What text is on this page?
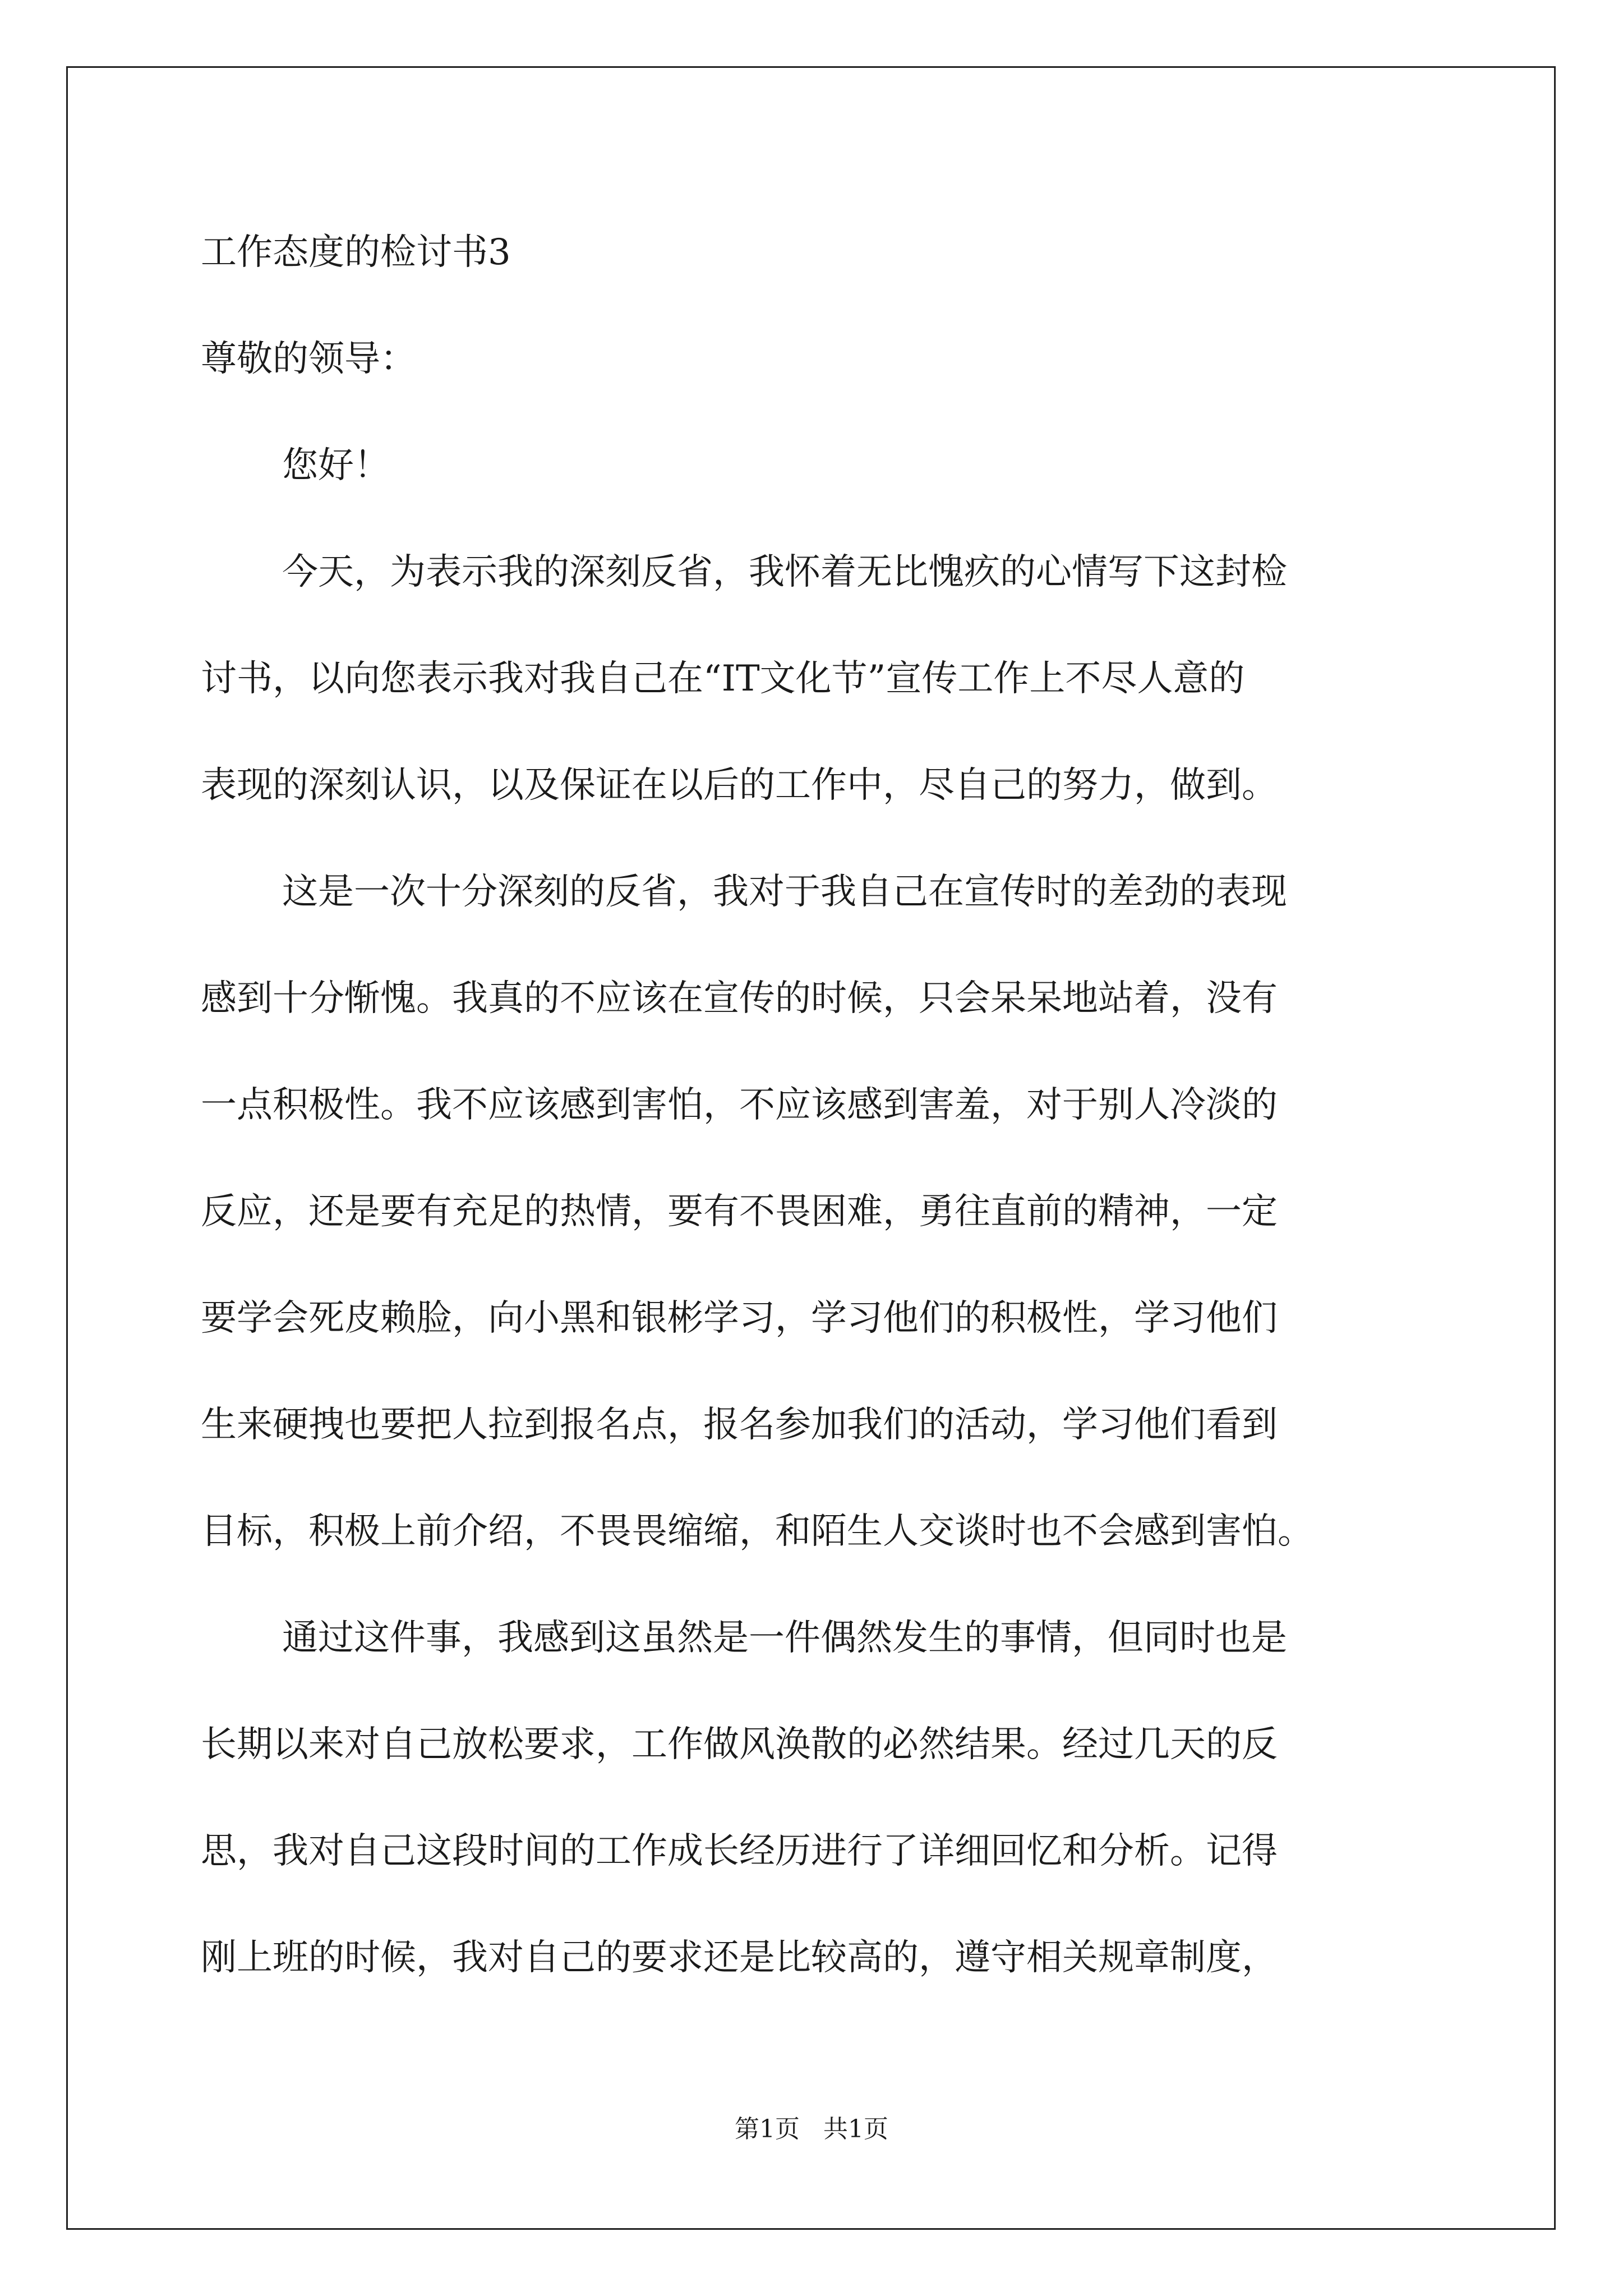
工作态度的检讨书3
尊敬的领导：
您好！
今天，为表示我的深刻反省，我怀着无比愧疚的心情写下这封检
讨书，以向您表示我对我自己在“IT文化节”宣传工作上不尽人意的
表现的深刻认识，以及保证在以后的工作中，尽自己的努力，做到。
这是一次十分深刻的反省，我对于我自己在宣传时的差劲的表现
感到十分惭愧。我真的不应该在宣传的时候，只会呆呆地站着，没有
一点积极性。我不应该感到害怕，不应该感到害羞，对于别人冷淡的
反应，还是要有充足的热情，要有不畏困难，勇往直前的精神，一定
要学会死皮赖脸，向小黑和银彬学习，学习他们的积极性，学习他们
生来硬拽也要把人拉到报名点，报名参加我们的活动，学习他们看到
目标，积极上前介绍，不畏畏缩缩，和陌生人交谈时也不会感到害怕。
通过这件事，我感到这虽然是一件偶然发生的事情，但同时也是
长期以来对自己放松要求，工作做风涣散的必然结果。经过几天的反
思，我对自己这段时间的工作成长经历进行了详细回忆和分析。记得
刚上班的时候，我对自己的要求还是比较高的，遵守相关规章制度，
第1页   共1页
